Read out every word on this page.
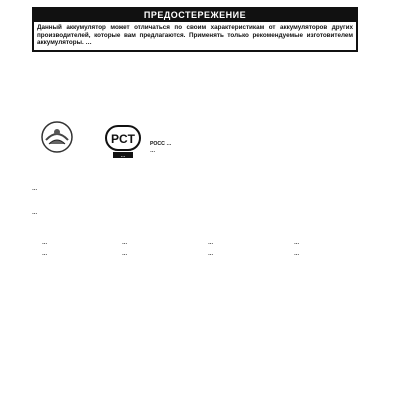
ПРЕДОСТЕРЕЖЕНИЕ
Данный аккумулятор может отличаться по своим характеристикам от аккумуляторов других производителей, которые вам предлагаются. Применять только рекомендуемые изготовителем аккумуляторы. …
PCT
…
РОСС …
…
…
…
…	…	…	…
…	…	…	…
